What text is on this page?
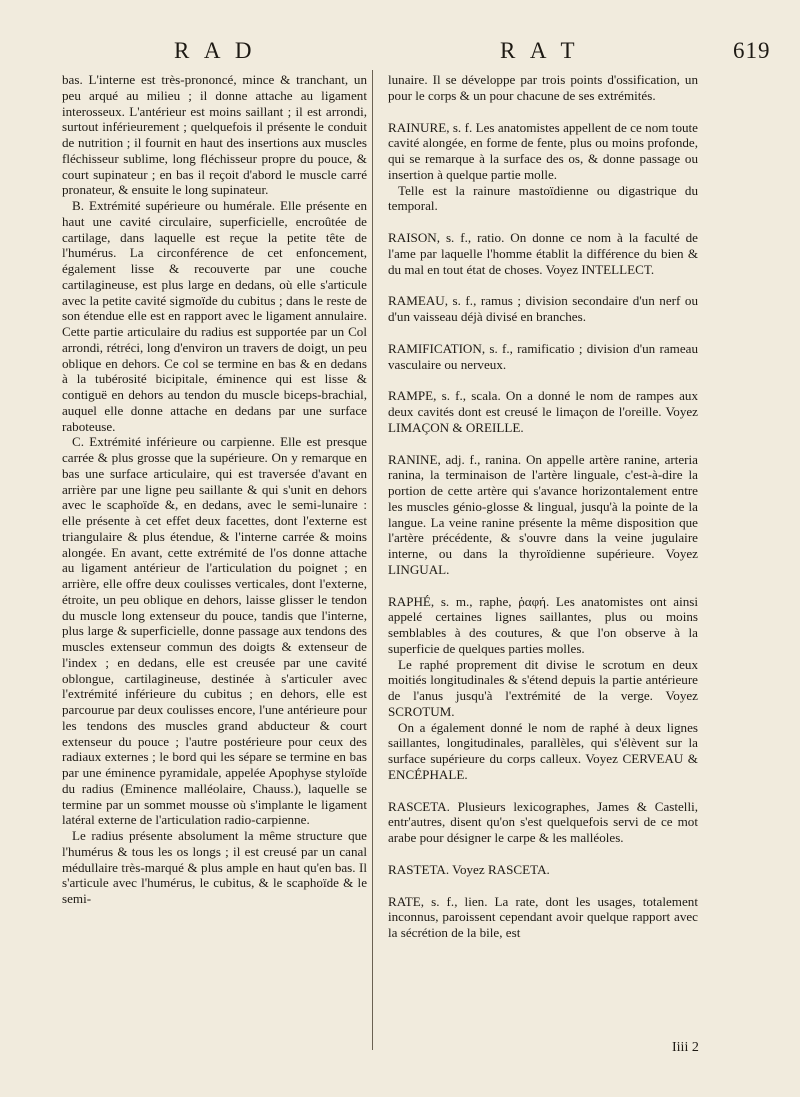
R A D	R A T	619

bas. L'interne est très-prononcé, mince & tranchant, un peu arqué au milieu ; il donne attache au ligament interosseux. L'antérieur est moins saillant ; il est arrondi, surtout inférieurement ; quelquefois il présente le conduit de nutrition ; il fournit en haut des insertions aux muscles fléchisseur sublime, long fléchisseur propre du pouce, & court supinateur ; en bas il reçoit d'abord le muscle carré pronateur, & ensuite le long supinateur.

B. Extrémité supérieure ou humérale. Elle présente en haut une cavité circulaire, superficielle, encroûtée de cartilage, dans laquelle est reçue la petite tête de l'humérus. La circonférence de cet enfoncement, également lisse & recouverte par une couche cartilagineuse, est plus large en dedans, où elle s'articule avec la petite cavité sigmoïde du cubitus ; dans le reste de son étendue elle est en rapport avec le ligament annulaire. Cette partie articulaire du radius est supportée par un Col arrondi, rétréci, long d'environ un travers de doigt, un peu oblique en dehors. Ce col se termine en bas & en dedans à la tubérosité bicipitale, éminence qui est lisse & contiguë en dehors au tendon du muscle biceps-brachial, auquel elle donne attache en dedans par une surface raboteuse.

C. Extrémité inférieure ou carpienne. Elle est presque carrée & plus grosse que la supérieure. On y remarque en bas une surface articulaire, qui est traversée d'avant en arrière par une ligne peu saillante & qui s'unit en dehors avec le scaphoïde &, en dedans, avec le semi-lunaire : elle présente à cet effet deux facettes, dont l'externe est triangulaire & plus étendue, & l'interne carrée & moins alongée. En avant, cette extrémité de l'os donne attache au ligament antérieur de l'articulation du poignet ; en arrière, elle offre deux coulisses verticales, dont l'externe, étroite, un peu oblique en dehors, laisse glisser le tendon du muscle long extenseur du pouce, tandis que l'interne, plus large & superficielle, donne passage aux tendons des muscles extenseur commun des doigts & extenseur de l'index ; en dedans, elle est creusée par une cavité oblongue, cartilagineuse, destinée à s'articuler avec l'extrémité inférieure du cubitus ; en dehors, elle est parcourue par deux coulisses encore, l'une antérieure pour les tendons des muscles grand abducteur & court extenseur du pouce ; l'autre postérieure pour ceux des radiaux externes ; le bord qui les sépare se termine en bas par une éminence pyramidale, appelée Apophyse styloïde du radius (Eminence malléolaire, Chauss.), laquelle se termine par un sommet mousse où s'implante le ligament latéral externe de l'articulation radio-carpienne.

Le radius présente absolument la même structure que l'humérus & tous les os longs ; il est creusé par un canal médullaire très-marqué & plus ample en haut qu'en bas. Il s'articule avec l'humérus, le cubitus, & le scaphoïde & le semi-

lunaire. Il se développe par trois points d'ossification, un pour le corps & un pour chacune de ses extrémités.

RAINURE, s. f. Les anatomistes appellent de ce nom toute cavité alongée, en forme de fente, plus ou moins profonde, qui se remarque à la surface des os, & donne passage ou insertion à quelque partie molle.

Telle est la rainure mastoïdienne ou digastrique du temporal.

RAISON, s. f., ratio. On donne ce nom à la faculté de l'ame par laquelle l'homme établit la différence du bien & du mal en tout état de choses. Voyez INTELLECT.

RAMEAU, s. f., ramus ; division secondaire d'un nerf ou d'un vaisseau déjà divisé en branches.

RAMIFICATION, s. f., ramificatio ; division d'un rameau vasculaire ou nerveux.

RAMPE, s. f., scala. On a donné le nom de rampes aux deux cavités dont est creusé le limaçon de l'oreille. Voyez LIMAÇON & OREILLE.

RANINE, adj. f., ranina. On appelle artère ranine, arteria ranina, la terminaison de l'artère linguale, c'est-à-dire la portion de cette artère qui s'avance horizontalement entre les muscles génio-glosse & lingual, jusqu'à la pointe de la langue. La veine ranine présente la même disposition que l'artère précédente, & s'ouvre dans la veine jugulaire interne, ou dans la thyroïdienne supérieure. Voyez LINGUAL.

RAPHÉ, s. m., raphe, ῥαφή. Les anatomistes ont ainsi appelé certaines lignes saillantes, plus ou moins semblables à des coutures, & que l'on observe à la superficie de quelques parties molles.

Le raphé proprement dit divise le scrotum en deux moitiés longitudinales & s'étend depuis la partie antérieure de l'anus jusqu'à l'extrémité de la verge. Voyez SCROTUM.

On a également donné le nom de raphé à deux lignes saillantes, longitudinales, parallèles, qui s'élèvent sur la surface supérieure du corps calleux. Voyez CERVEAU & ENCÉPHALE.

RASCETA. Plusieurs lexicographes, James & Castelli, entr'autres, disent qu'on s'est quelquefois servi de ce mot arabe pour désigner le carpe & les malléoles.

RASTETA. Voyez RASCETA.

RATE, s. f., lien. La rate, dont les usages, totalement inconnus, paroissent cependant avoir quelque rapport avec la sécrétion de la bile, est

Iiii 2
